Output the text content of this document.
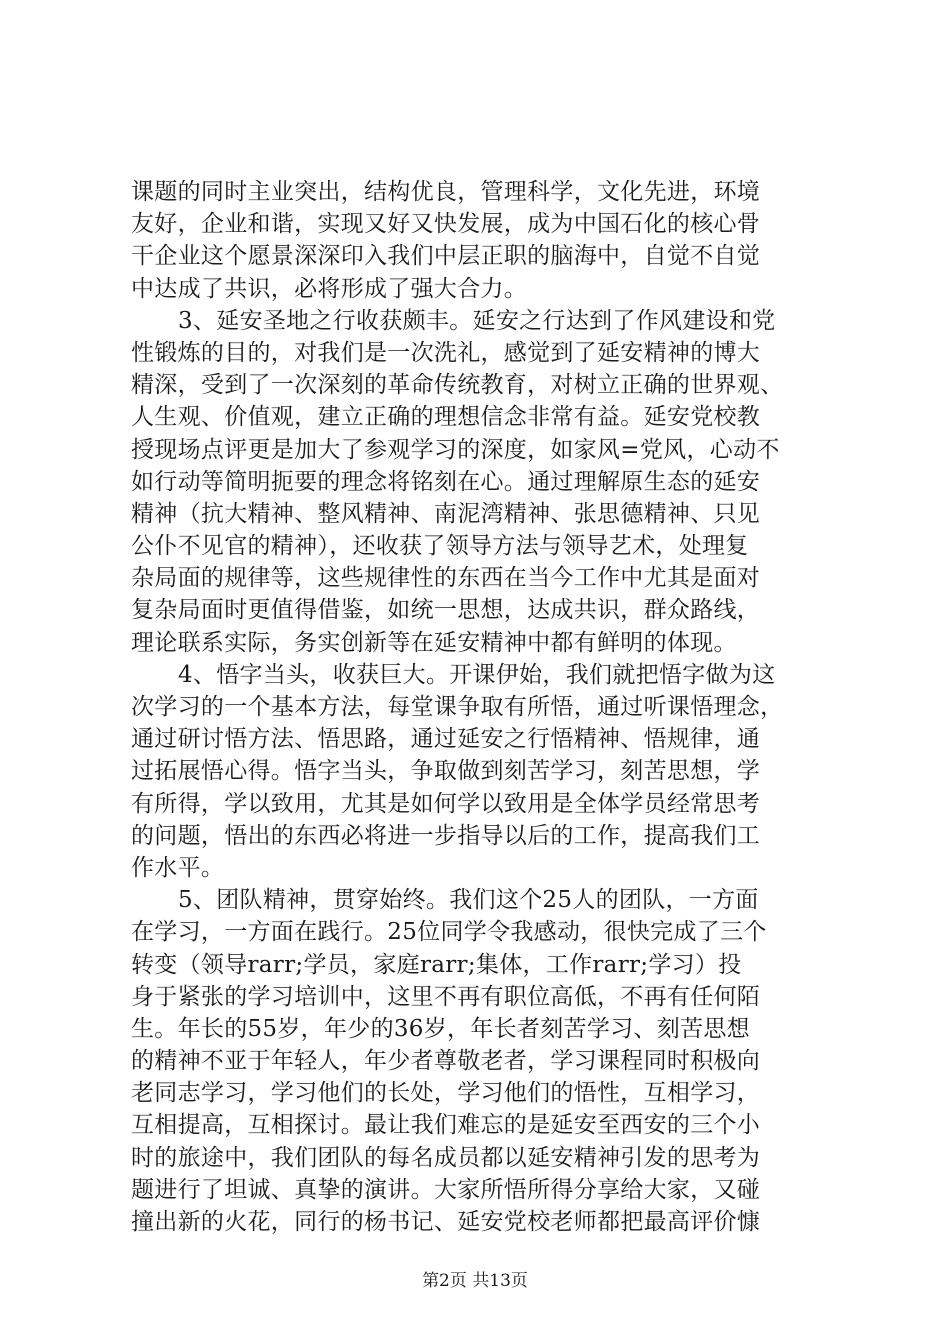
课题的同时主业突出，结构优良，管理科学，文化先进，环境
友好，企业和谐，实现又好又快发展，成为中国石化的核心骨
干企业这个愿景深深印入我们中层正职的脑海中，自觉不自觉
中达成了共识，必将形成了强大合力。
3、延安圣地之行收获颇丰。延安之行达到了作风建设和党
性锻炼的目的，对我们是一次洗礼，感觉到了延安精神的博大
精深，受到了一次深刻的革命传统教育，对树立正确的世界观、
人生观、价值观，建立正确的理想信念非常有益。延安党校教
授现场点评更是加大了参观学习的深度，如家风=党风，心动不
如行动等简明扼要的理念将铭刻在心。通过理解原生态的延安
精神（抗大精神、整风精神、南泥湾精神、张思德精神、只见
公仆不见官的精神），还收获了领导方法与领导艺术，处理复
杂局面的规律等，这些规律性的东西在当今工作中尤其是面对
复杂局面时更值得借鉴，如统一思想，达成共识，群众路线，
理论联系实际，务实创新等在延安精神中都有鲜明的体现。
4、悟字当头，收获巨大。开课伊始，我们就把悟字做为这
次学习的一个基本方法，每堂课争取有所悟，通过听课悟理念，
通过研讨悟方法、悟思路，通过延安之行悟精神、悟规律，通
过拓展悟心得。悟字当头，争取做到刻苦学习，刻苦思想，学
有所得，学以致用，尤其是如何学以致用是全体学员经常思考
的问题，悟出的东西必将进一步指导以后的工作，提高我们工
作水平。
5、团队精神，贯穿始终。我们这个25人的团队，一方面
在学习，一方面在践行。25位同学令我感动，很快完成了三个
转变（领导rarr;学员，家庭rarr;集体，工作rarr;学习）投
身于紧张的学习培训中，这里不再有职位高低，不再有任何陌
生。年长的55岁，年少的36岁，年长者刻苦学习、刻苦思想
的精神不亚于年轻人，年少者尊敬老者，学习课程同时积极向
老同志学习，学习他们的长处，学习他们的悟性，互相学习，
互相提高，互相探讨。最让我们难忘的是延安至西安的三个小
时的旅途中，我们团队的每名成员都以延安精神引发的思考为
题进行了坦诚、真挚的演讲。大家所悟所得分享给大家，又碰
撞出新的火花，同行的杨书记、延安党校老师都把最高评价慷
第2页 共13页
